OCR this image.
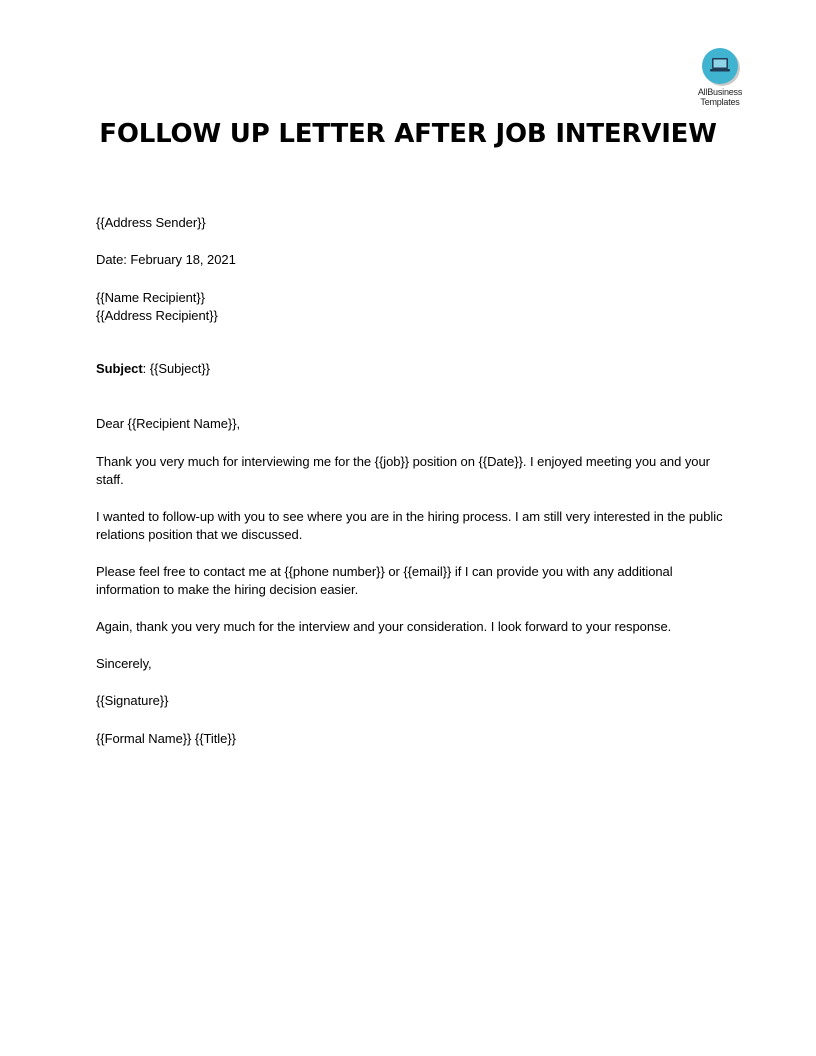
AllBusiness
Templates
FOLLOW UP LETTER AFTER JOB INTERVIEW
{{Address Sender}}
Date: February 18, 2021
{{Name Recipient}}
{{Address Recipient}}
Subject: {{Subject}}
Dear {{Recipient Name}},
Thank you very much for interviewing me for the {{job}} position on {{Date}}. I enjoyed meeting you and your staff.
I wanted to follow-up with you to see where you are in the hiring process. I am still very interested in the public relations position that we discussed.
Please feel free to contact me at {{phone number}} or {{email}} if I can provide you with any additional information to make the hiring decision easier.
Again, thank you very much for the interview and your consideration. I look forward to your response.
Sincerely,
{{Signature}}
{{Formal Name}} {{Title}}
